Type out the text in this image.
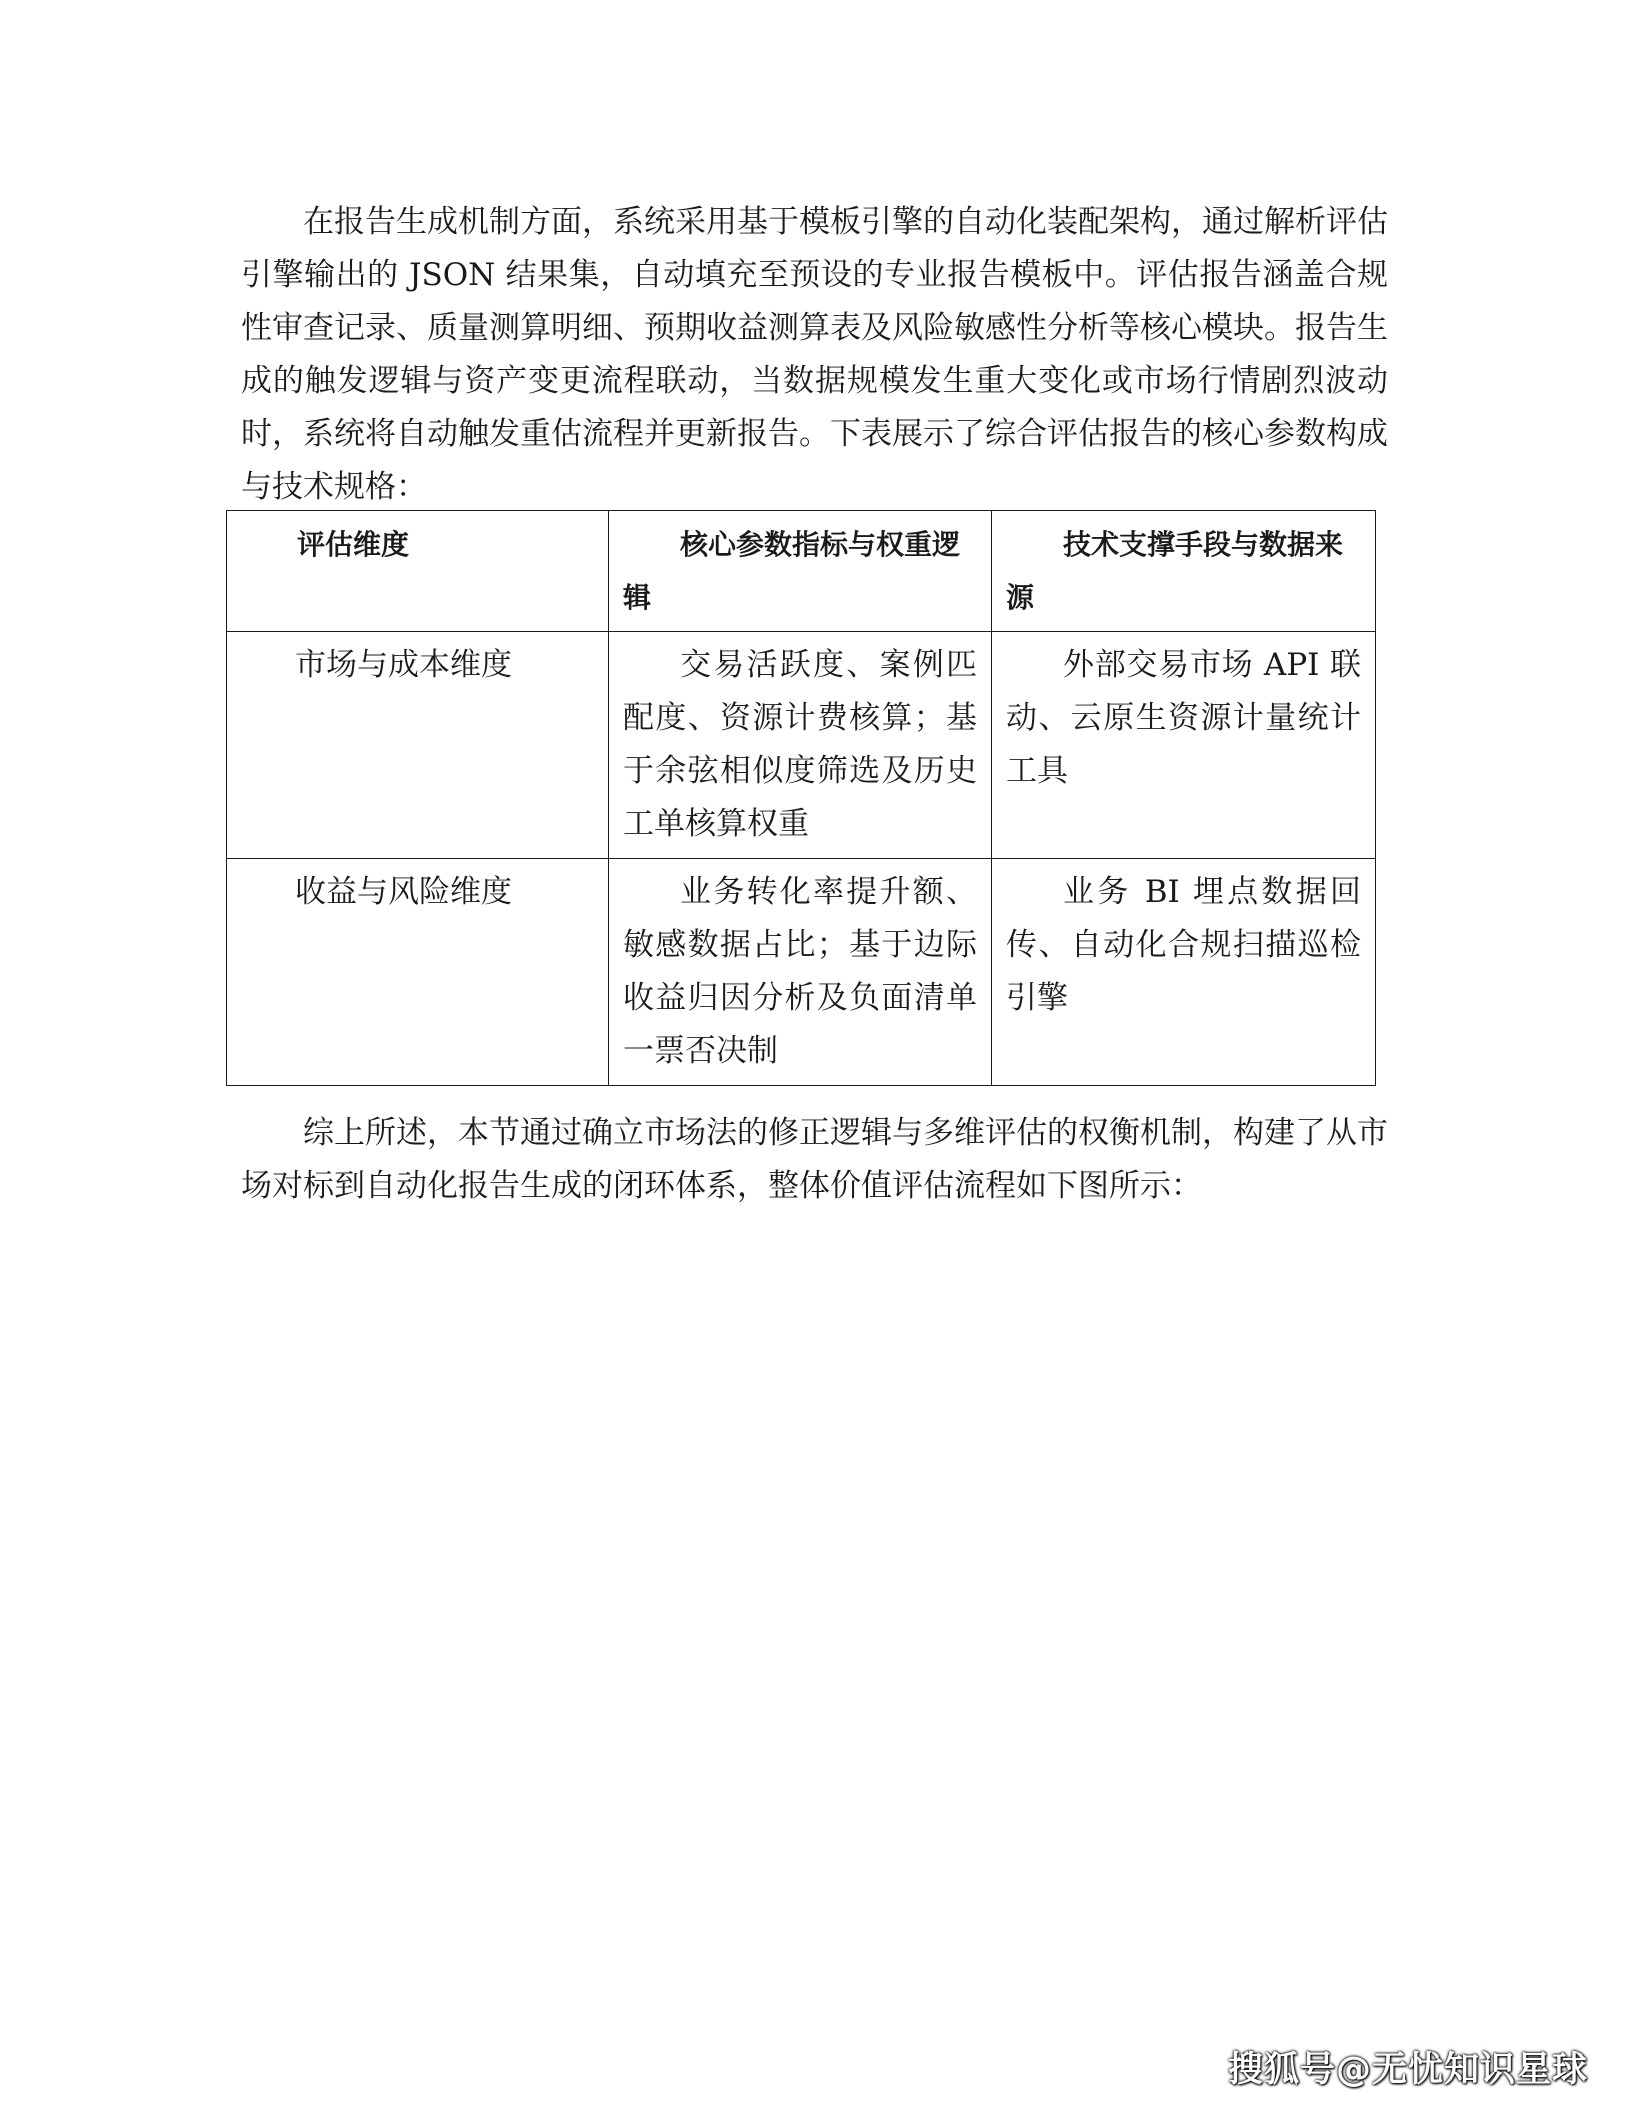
在报告生成机制方面，系统采用基于模板引擎的自动化装配架构，通过解析评估引擎输出的 JSON 结果集，自动填充至预设的专业报告模板中。评估报告涵盖合规性审查记录、质量测算明细、预期收益测算表及风险敏感性分析等核心模块。报告生成的触发逻辑与资产变更流程联动，当数据规模发生重大变化或市场行情剧烈波动时，系统将自动触发重估流程并更新报告。下表展示了综合评估报告的核心参数构成与技术规格：

评估维度	核心参数指标与权重逻辑	技术支撑手段与数据来源
市场与成本维度	交易活跃度、案例匹配度、资源计费核算；基于余弦相似度筛选及历史工单核算权重	外部交易市场 API 联动、云原生资源计量统计工具
收益与风险维度	业务转化率提升额、敏感数据占比；基于边际收益归因分析及负面清单一票否决制	业务 BI 埋点数据回传、自动化合规扫描巡检引擎

综上所述，本节通过确立市场法的修正逻辑与多维评估的权衡机制，构建了从市场对标到自动化报告生成的闭环体系，整体价值评估流程如下图所示：

搜狐号@无忧知识星球
